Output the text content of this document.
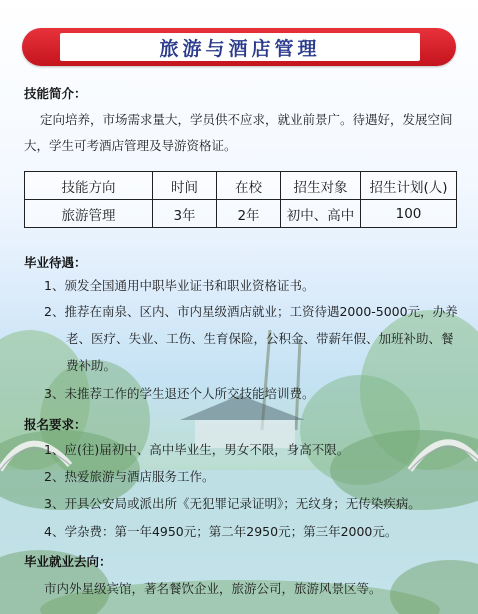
旅游与酒店管理
技能简介：
定向培养，市场需求量大，学员供不应求，就业前景广。待遇好，发展空间
大，学生可考酒店管理及导游资格证。
技能方向	时间	在校	招生对象	招生计划(人)
旅游管理	3年	2年	初中、高中	100
毕业待遇：
1、颁发全国通用中职毕业证书和职业资格证书。
2、推荐在南泉、区内、市内星级酒店就业；工资待遇2000-5000元，办养
老、医疗、失业、工伤、生育保险，公积金、带薪年假、加班补助、餐
费补助。
3、未推荐工作的学生退还个人所交技能培训费。
报名要求：
1、应(往)届初中、高中毕业生，男女不限，身高不限。
2、热爱旅游与酒店服务工作。
3、开具公安局或派出所《无犯罪记录证明》；无纹身；无传染疾病。
4、学杂费：第一年4950元；第二年2950元；第三年2000元。
毕业就业去向：
市内外星级宾馆，著名餐饮企业，旅游公司，旅游风景区等。
